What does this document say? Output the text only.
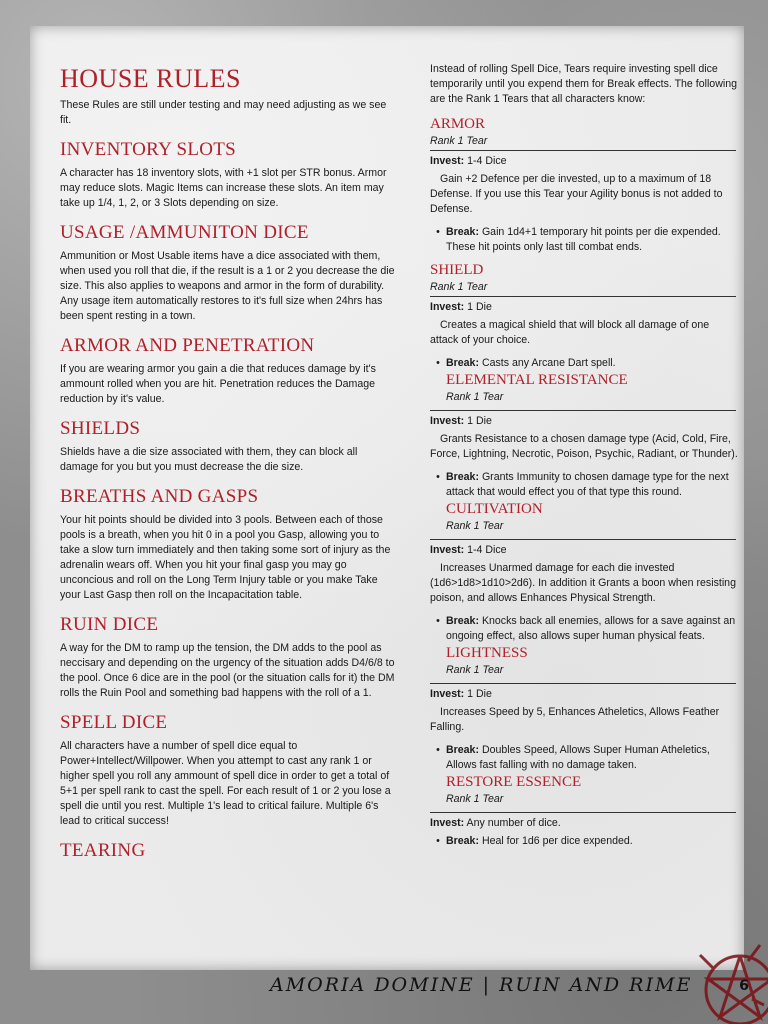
HOUSE RULES

These Rules are still under testing and may need adjusting as we see fit.

INVENTORY SLOTS

A character has 18 inventory slots, with +1 slot per STR bonus. Armor may reduce slots. Magic Items can increase these slots. An item may take up 1/4, 1, 2, or 3 Slots depending on size.

USAGE /AMMUNITON DICE

Ammunition or Most Usable items have a dice associated with them, when used you roll that die, if the result is a 1 or 2 you decrease the die size. This also applies to weapons and armor in the form of durability. Any usage item automatically restores to it's full size when 24hrs has been spent resting in a town.

ARMOR AND PENETRATION

If you are wearing armor you gain a die that reduces damage by it's ammount rolled when you are hit. Penetration reduces the Damage reduction by it's value.

SHIELDS

Shields have a die size associated with them, they can block all damage for you but you must decrease the die size.

BREATHS AND GASPS

Your hit points should be divided into 3 pools. Between each of those pools is a breath, when you hit 0 in a pool you Gasp, allowing you to take a slow turn immediately and then taking some sort of injury as the adrenalin wears off. When you hit your final gasp you may go unconcious and roll on the Long Term Injury table or you make Take your Last Gasp then roll on the Incapacitation table.

RUIN DICE

A way for the DM to ramp up the tension, the DM adds to the pool as neccisary and depending on the urgency of the situation adds D4/6/8 to the pool. Once 6 dice are in the pool (or the situation calls for it) the DM rolls the Ruin Pool and something bad happens with the roll of a 1.

SPELL DICE

All characters have a number of spell dice equal to Power+Intellect/Willpower. When you attempt to cast any rank 1 or higher spell you roll any ammount of spell dice in order to get a total of 5+1 per spell rank to cast the spell. For each result of 1 or 2 you lose a spell die until you rest. Multiple 1's lead to critical failure. Multiple 6's lead to critical success!

TEARING

Instead of rolling Spell Dice, Tears require investing spell dice temporarily until you expend them for Break effects. The following are the Rank 1 Tears that all characters know:

ARMOR

Rank 1 Tear

Invest: 1-4 Dice

Gain +2 Defence per die invested, up to a maximum of 18 Defense. If you use this Tear your Agility bonus is not added to Defense.

• Break: Gain 1d4+1 temporary hit points per die expended. These hit points only last till combat ends.
SHIELD

Rank 1 Tear

Invest: 1 Die

Creates a magical shield that will block all damage of one attack of your choice.

• Break: Casts any Arcane Dart spell.
ELEMENTAL RESISTANCE

Rank 1 Tear

Invest: 1 Die

Grants Resistance to a chosen damage type (Acid, Cold, Fire, Force, Lightning, Necrotic, Poison, Psychic, Radiant, or Thunder).

• Break: Grants Immunity to chosen damage type for the next attack that would effect you of that type this round.
CULTIVATION

Rank 1 Tear

Invest: 1-4 Dice

Increases Unarmed damage for each die invested (1d6>1d8>1d10>2d6). In addition it Grants a boon when resisting poison, and allows Enhances Physical Strength.

• Break: Knocks back all enemies, allows for a save against an ongoing effect, also allows super human physical feats.
LIGHTNESS

Rank 1 Tear

Invest: 1 Die

Increases Speed by 5, Enhances Atheletics, Allows Feather Falling.

• Break: Doubles Speed, Allows Super Human Atheletics, Allows fast falling with no damage taken.
RESTORE ESSENCE

Rank 1 Tear

Invest: Any number of dice.

• Break: Heal for 1d6 per dice expended.
AMORIA DOMINE | RUIN AND RIME	6
